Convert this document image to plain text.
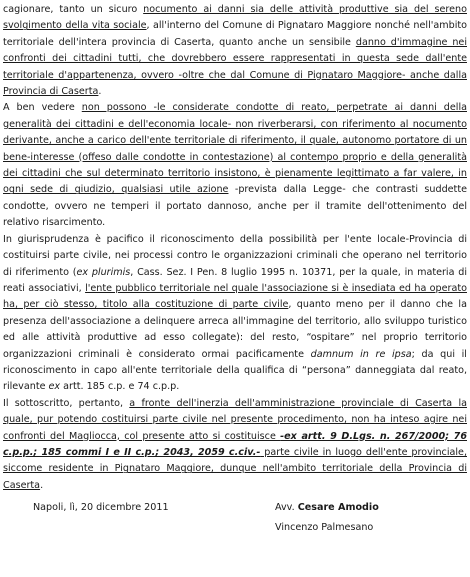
cagionare, tanto un sicuro nocumento ai danni sia delle attività produttive sia del sereno svolgimento della vita sociale, all'interno del Comune di Pignataro Maggiore nonché nell'ambito territoriale dell'intera provincia di Caserta, quanto anche un sensibile danno d'immagine nei confronti dei cittadini tutti, che dovrebbero essere rappresentati in questa sede dall'ente territoriale d'appartenenza, ovvero -oltre che dal Comune di Pignataro Maggiore- anche dalla Provincia di Caserta.

A ben vedere non possono -le considerate condotte di reato, perpetrate ai danni della generalità dei cittadini e dell'economia locale- non riverberarsi, con riferimento al nocumento derivante, anche a carico dell'ente territoriale di riferimento, il quale, autonomo portatore di un bene-interesse (offeso dalle condotte in contestazione) al contempo proprio e della generalità dei cittadini che sul determinato territorio insistono, è pienamente legittimato a far valere, in ogni sede di giudizio, qualsiasi utile azione -prevista dalla Legge- che contrasti suddette condotte, ovvero ne temperi il portato dannoso, anche per il tramite dell'ottenimento del relativo risarcimento.

In giurisprudenza è pacifico il riconoscimento della possibilità per l'ente locale-Provincia di costituirsi parte civile, nei processi contro le organizzazioni criminali che operano nel territorio di riferimento (ex plurimis, Cass. Sez. I Pen. 8 luglio 1995 n. 10371, per la quale, in materia di reati associativi, l'ente pubblico territoriale nel quale l'associazione si è insediata ed ha operato ha, per ciò stesso, titolo alla costituzione di parte civile, quanto meno per il danno che la presenza dell'associazione a delinquere arreca all'immagine del territorio, allo sviluppo turistico ed alle attività produttive ad esso collegate): del resto, “ospitare” nel proprio territorio organizzazioni criminali è considerato ormai pacificamente damnum in re ipsa; da qui il riconoscimento in capo all'ente territoriale della qualifica di “persona” danneggiata dal reato, rilevante ex artt. 185 c.p. e 74 c.p.p.

Il sottoscritto, pertanto, a fronte dell'inerzia dell'amministrazione provinciale di Caserta la quale, pur potendo costituirsi parte civile nel presente procedimento, non ha inteso agire nei confronti del Magliocca, col presente atto si costituisce -ex artt. 9 D.Lgs. n. 267/2000; 76 c.p.p.; 185 commi I e II c.p.; 2043, 2059 c.civ.- parte civile in luogo dell'ente provinciale, siccome residente in Pignataro Maggiore, dunque nell'ambito territoriale della Provincia di Caserta.

Napoli, lì, 20 dicembre 2011	Avv. Cesare Amodio
Vincenzo Palmesano
